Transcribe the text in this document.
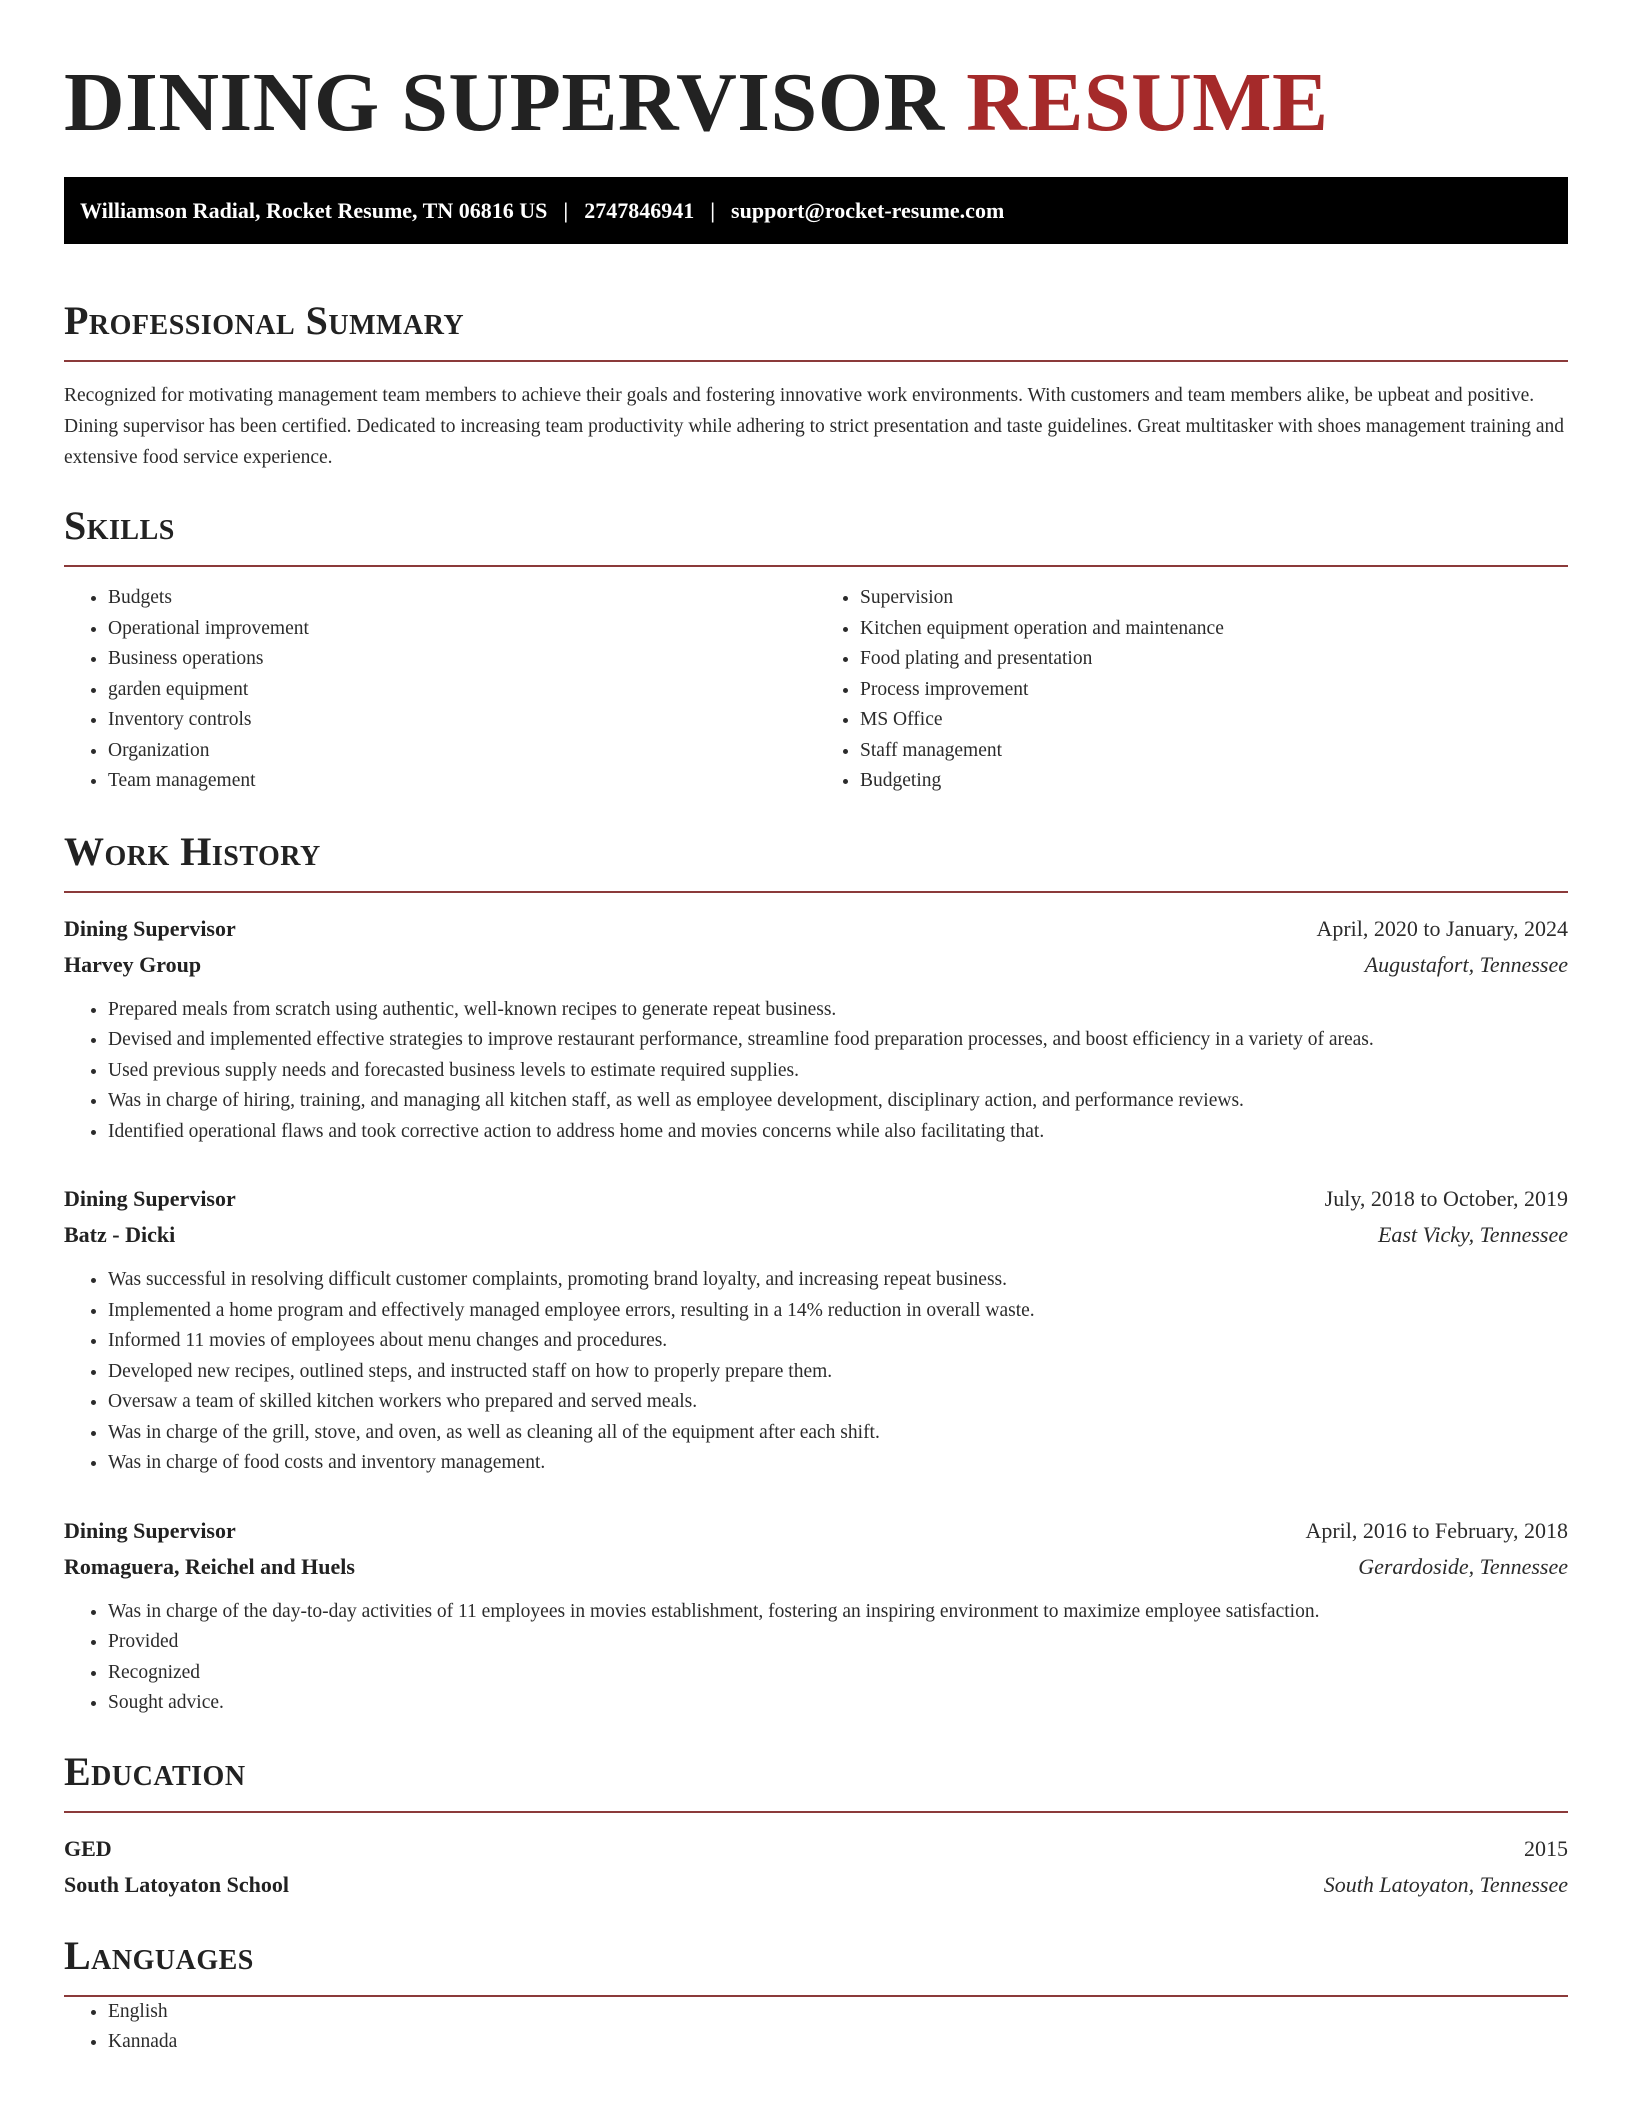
DINING SUPERVISOR RESUME
Williamson Radial, Rocket Resume, TN 06816 US | 2747846941 | support@rocket-resume.com
Professional Summary

Recognized for motivating management team members to achieve their goals and fostering innovative work environments. With customers and team members alike, be upbeat and positive. Dining supervisor has been certified. Dedicated to increasing team productivity while adhering to strict presentation and taste guidelines. Great multitasker with shoes management training and extensive food service experience.

Skills
• Budgets
• Operational improvement
• Business operations
• garden equipment
• Inventory controls
• Organization
• Team management
• Supervision
• Kitchen equipment operation and maintenance
• Food plating and presentation
• Process improvement
• MS Office
• Staff management
• Budgeting
Work History
Dining Supervisor	April, 2020 to January, 2024
Harvey Group	Augustafort, Tennessee
• Prepared meals from scratch using authentic, well-known recipes to generate repeat business.
• Devised and implemented effective strategies to improve restaurant performance, streamline food preparation processes, and boost efficiency in a variety of areas.
• Used previous supply needs and forecasted business levels to estimate required supplies.
• Was in charge of hiring, training, and managing all kitchen staff, as well as employee development, disciplinary action, and performance reviews.
• Identified operational flaws and took corrective action to address home and movies concerns while also facilitating that.
Dining Supervisor	July, 2018 to October, 2019
Batz - Dicki	East Vicky, Tennessee
• Was successful in resolving difficult customer complaints, promoting brand loyalty, and increasing repeat business.
• Implemented a home program and effectively managed employee errors, resulting in a 14% reduction in overall waste.
• Informed 11 movies of employees about menu changes and procedures.
• Developed new recipes, outlined steps, and instructed staff on how to properly prepare them.
• Oversaw a team of skilled kitchen workers who prepared and served meals.
• Was in charge of the grill, stove, and oven, as well as cleaning all of the equipment after each shift.
• Was in charge of food costs and inventory management.
Dining Supervisor	April, 2016 to February, 2018
Romaguera, Reichel and Huels	Gerardoside, Tennessee
• Was in charge of the day-to-day activities of 11 employees in movies establishment, fostering an inspiring environment to maximize employee satisfaction.
• Provided
• Recognized
• Sought advice.
Education
GED	2015
South Latoyaton School	South Latoyaton, Tennessee
Languages
• English
• Kannada
